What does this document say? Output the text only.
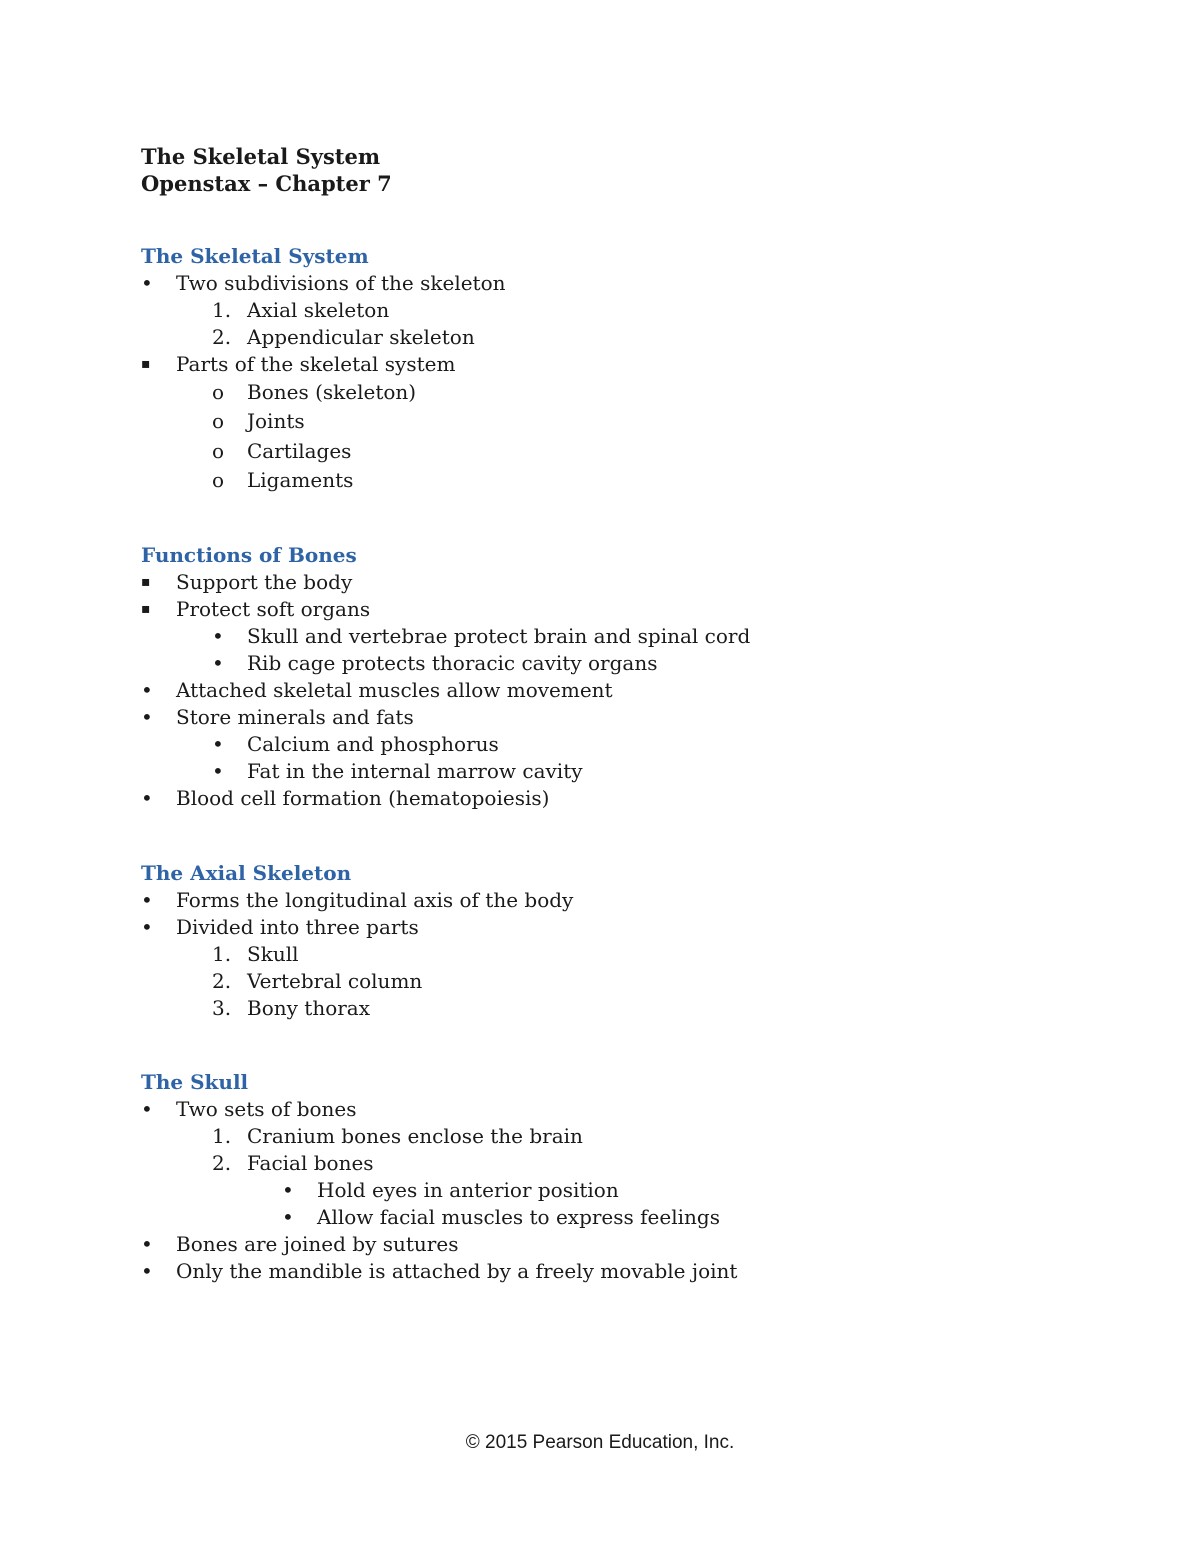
The Skeletal System
Openstax – Chapter 7
The Skeletal System
• Two subdivisions of the skeleton
1. Axial skeleton
2. Appendicular skeleton
▪ Parts of the skeletal system
o Bones (skeleton)
o Joints
o Cartilages
o Ligaments
Functions of Bones
▪ Support the body
▪ Protect soft organs
• Skull and vertebrae protect brain and spinal cord
• Rib cage protects thoracic cavity organs
• Attached skeletal muscles allow movement
• Store minerals and fats
• Calcium and phosphorus
• Fat in the internal marrow cavity
• Blood cell formation (hematopoiesis)
The Axial Skeleton
• Forms the longitudinal axis of the body
• Divided into three parts
1. Skull
2. Vertebral column
3. Bony thorax
The Skull
• Two sets of bones
1. Cranium bones enclose the brain
2. Facial bones
• Hold eyes in anterior position
• Allow facial muscles to express feelings
• Bones are joined by sutures
• Only the mandible is attached by a freely movable joint
© 2015 Pearson Education, Inc.
